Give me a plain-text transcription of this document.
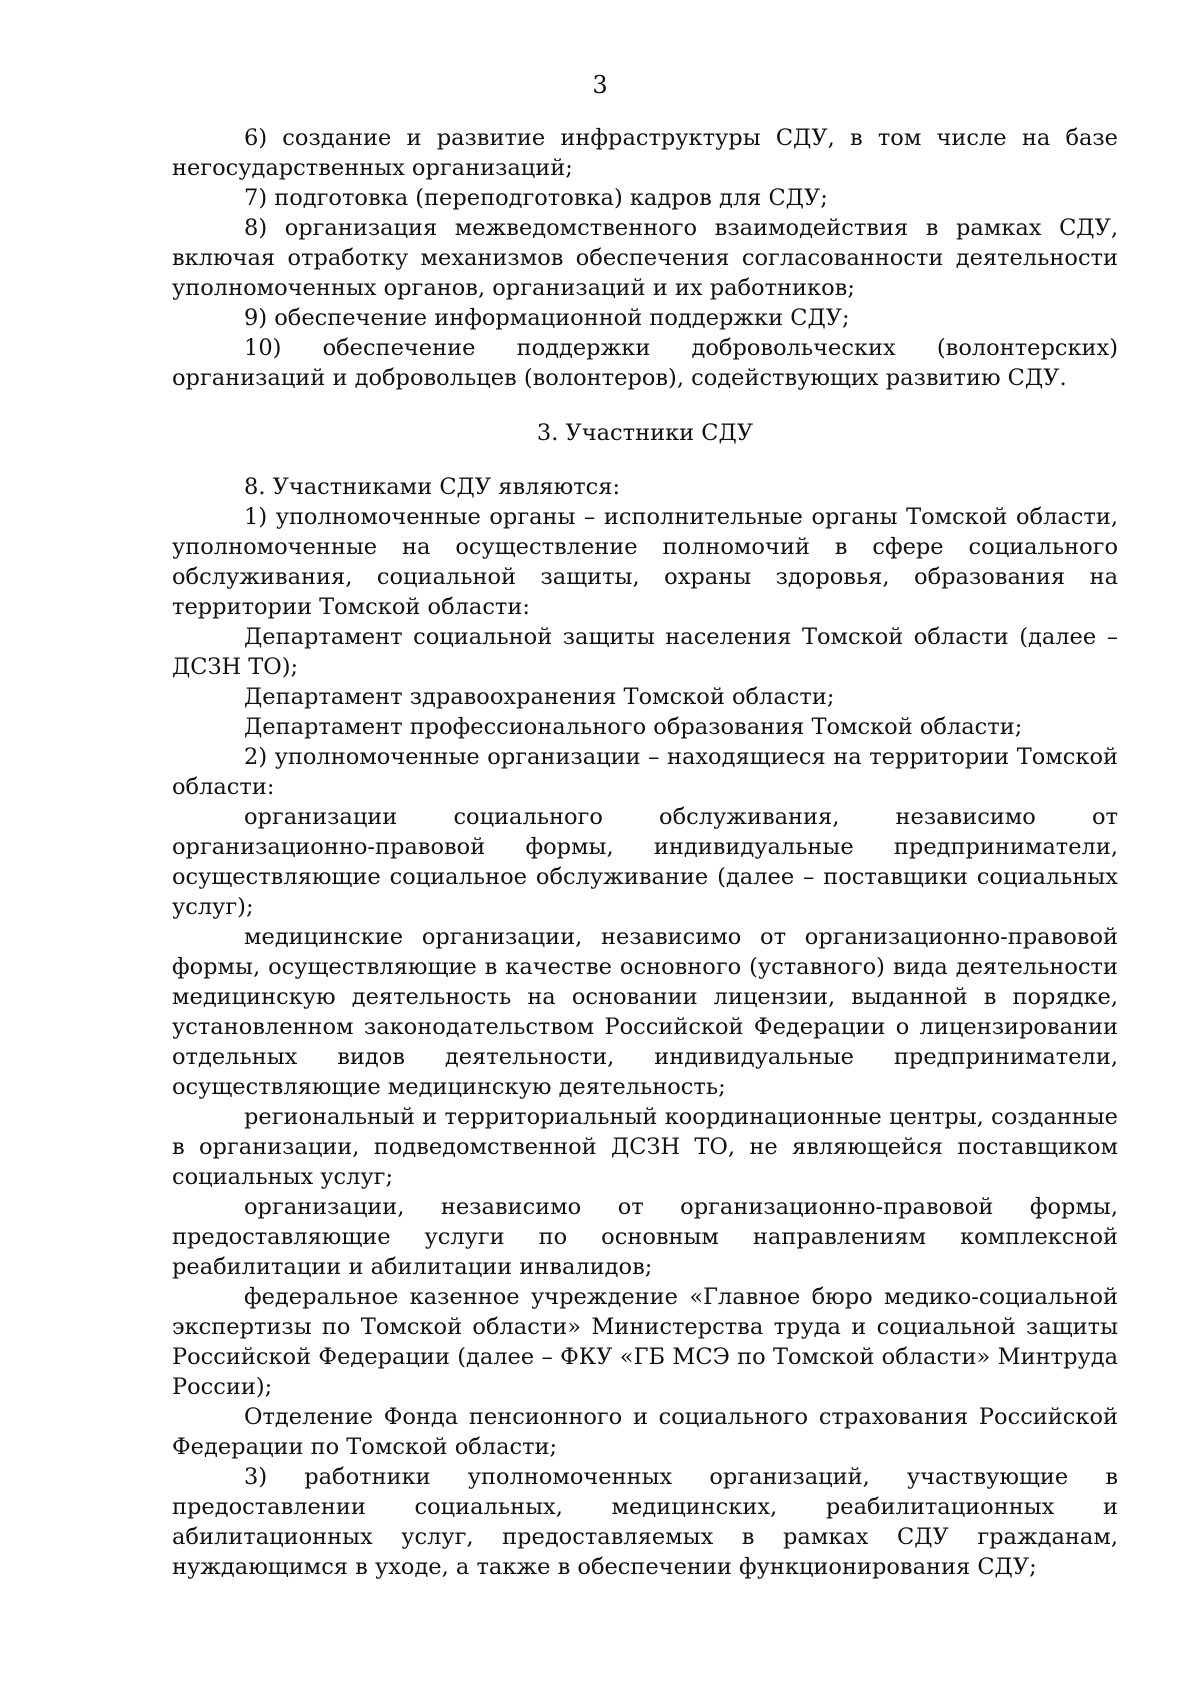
3

6) создание и развитие инфраструктуры СДУ, в том числе на базе негосударственных организаций;

7) подготовка (переподготовка) кадров для СДУ;

8) организация межведомственного взаимодействия в рамках СДУ, включая отработку механизмов обеспечения согласованности деятельности уполномоченных органов, организаций и их работников;

9) обеспечение информационной поддержки СДУ;

10) обеспечение поддержки добровольческих (волонтерских) организаций и добровольцев (волонтеров), содействующих развитию СДУ.

3. Участники СДУ

8. Участниками СДУ являются:

1) уполномоченные органы – исполнительные органы Томской области, уполномоченные на осуществление полномочий в сфере социального обслуживания, социальной защиты, охраны здоровья, образования на территории Томской области:

Департамент социальной защиты населения Томской области (далее – ДСЗН ТО);

Департамент здравоохранения Томской области;

Департамент профессионального образования Томской области;

2) уполномоченные организации – находящиеся на территории Томской области:

организации социального обслуживания, независимо от организационно-правовой формы, индивидуальные предприниматели, осуществляющие социальное обслуживание (далее – поставщики социальных услуг);

медицинские организации, независимо от организационно-правовой формы, осуществляющие в качестве основного (уставного) вида деятельности медицинскую деятельность на основании лицензии, выданной в порядке, установленном законодательством Российской Федерации о лицензировании отдельных видов деятельности, индивидуальные предприниматели, осуществляющие медицинскую деятельность;

региональный и территориальный координационные центры, созданные в организации, подведомственной ДСЗН ТО, не являющейся поставщиком социальных услуг;

организации, независимо от организационно-правовой формы, предоставляющие услуги по основным направлениям комплексной реабилитации и абилитации инвалидов;

федеральное казенное учреждение «Главное бюро медико-социальной экспертизы по Томской области» Министерства труда и социальной защиты Российской Федерации (далее – ФКУ «ГБ МСЭ по Томской области» Минтруда России);

Отделение Фонда пенсионного и социального страхования Российской Федерации по Томской области;

3) работники уполномоченных организаций, участвующие в предоставлении социальных, медицинских, реабилитационных и абилитационных услуг, предоставляемых в рамках СДУ гражданам, нуждающимся в уходе, а также в обеспечении функционирования СДУ;
